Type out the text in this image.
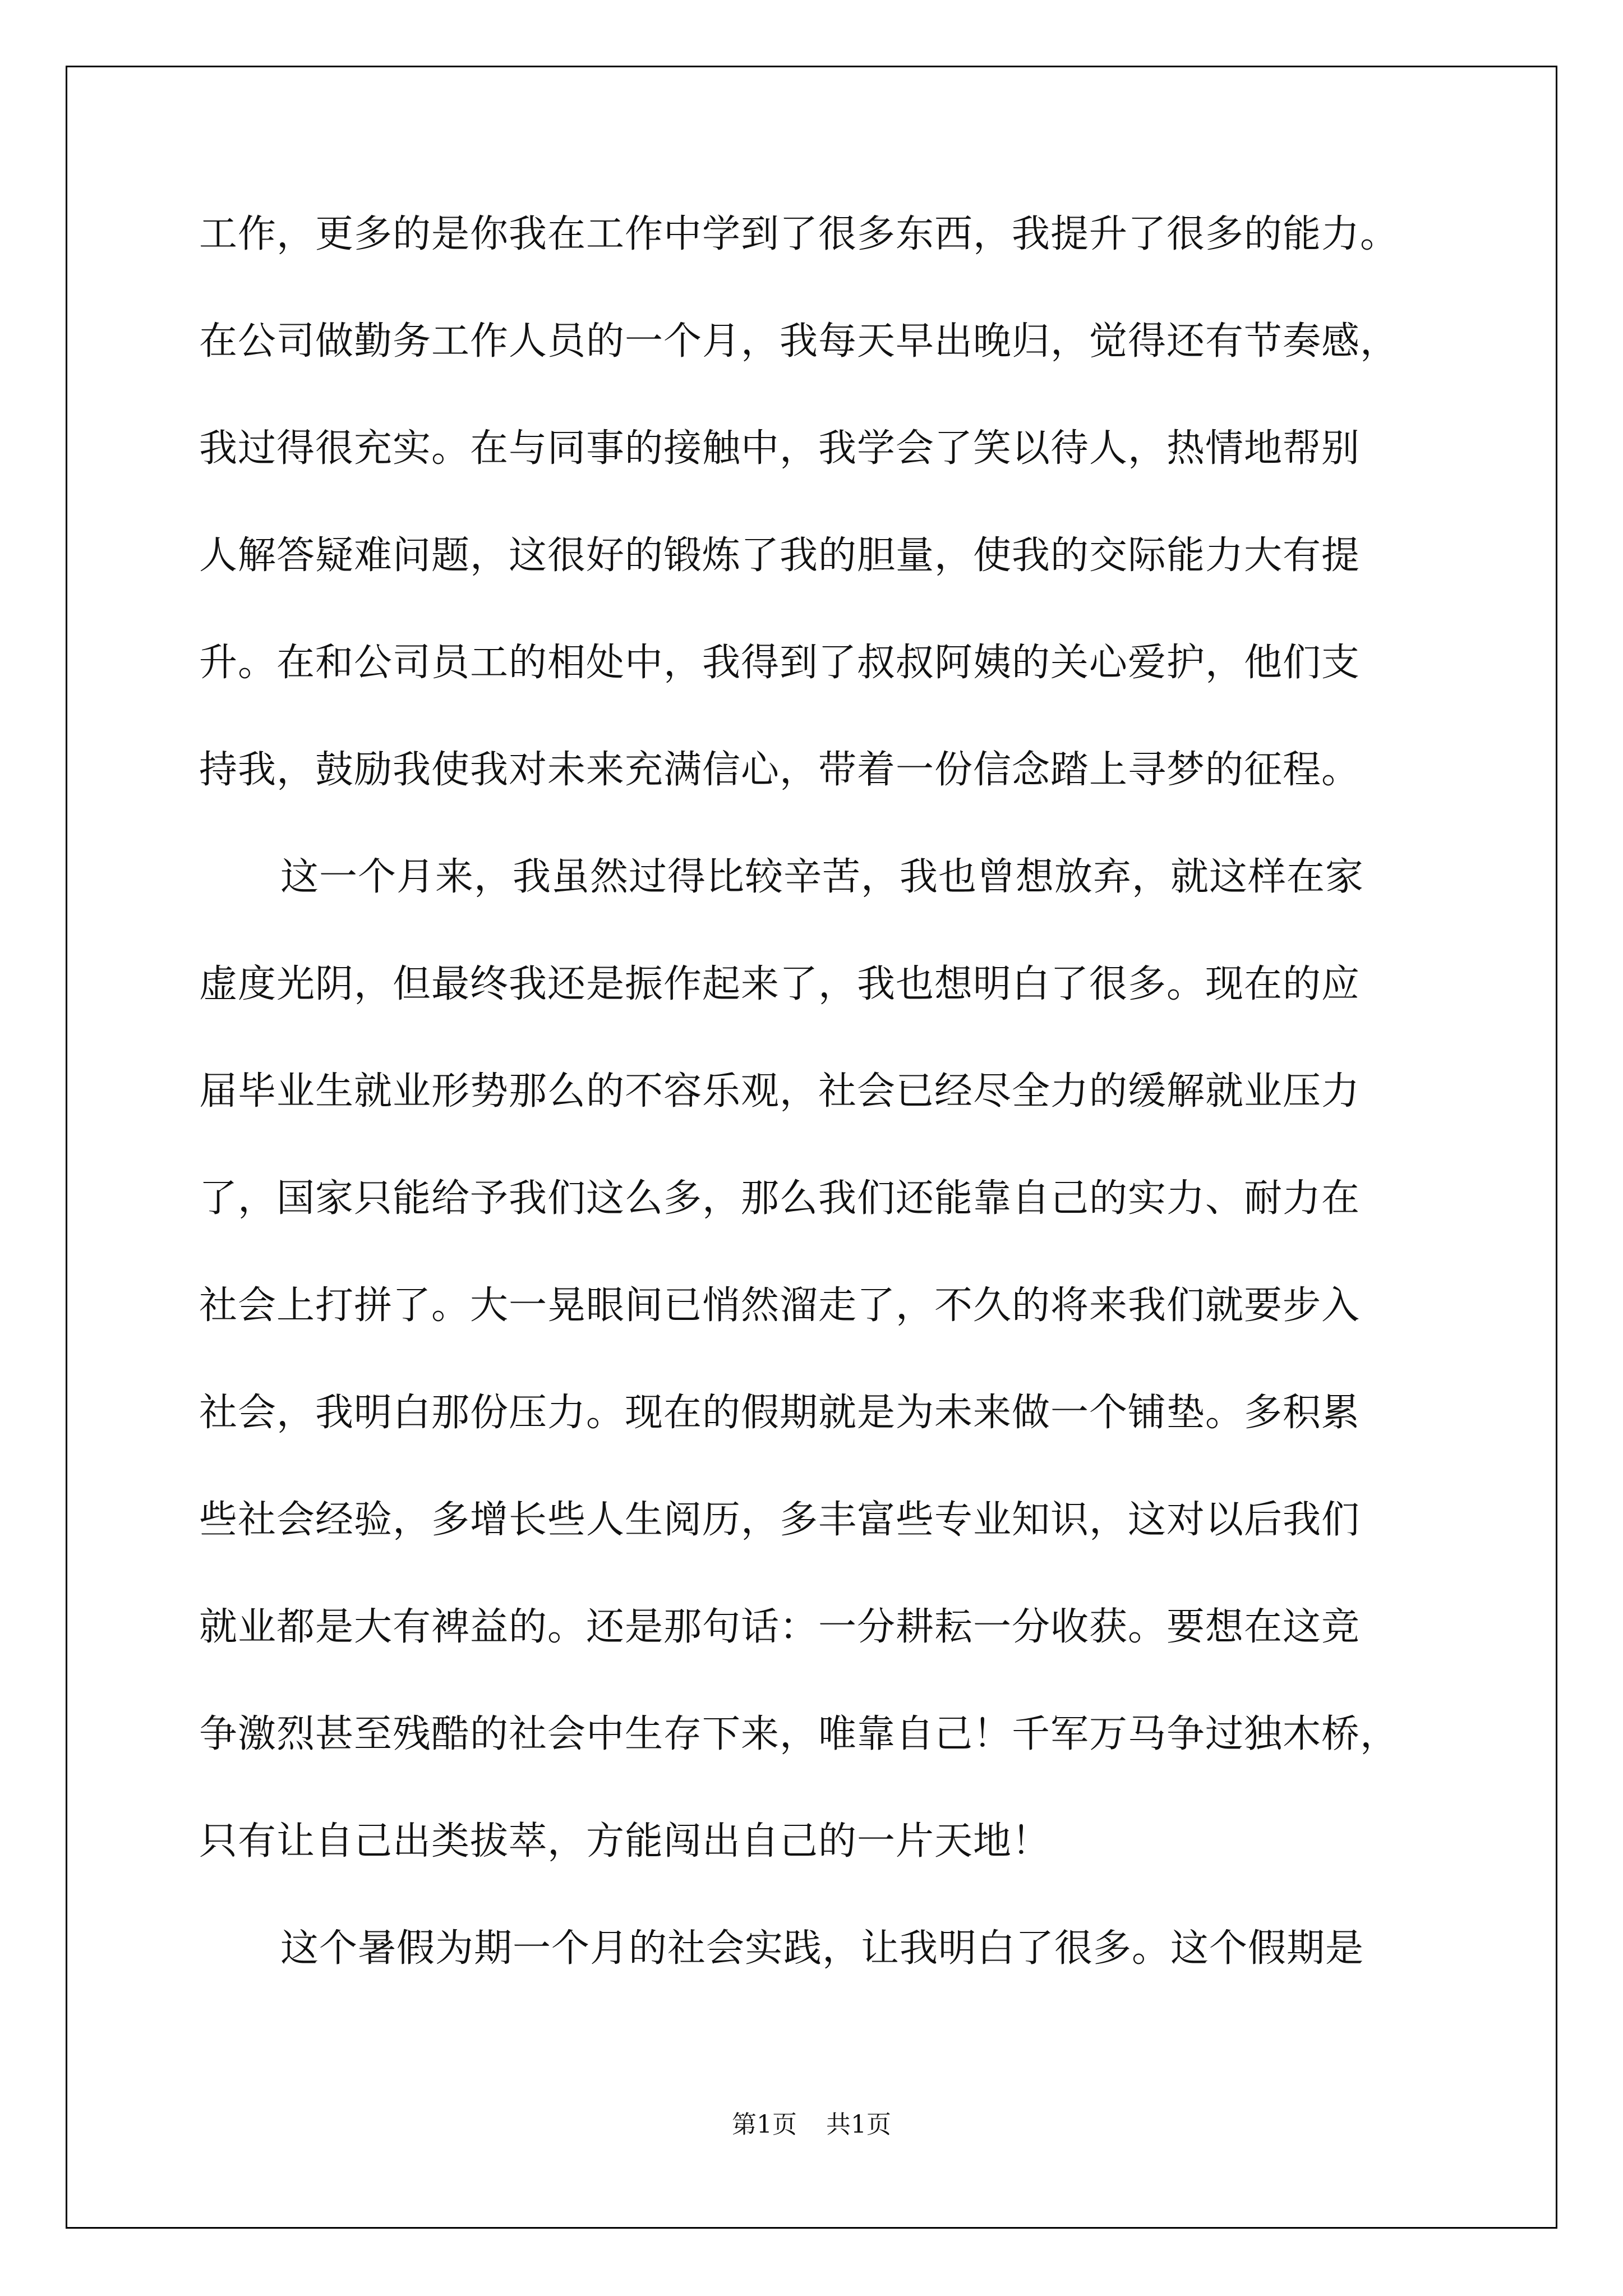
工作，更多的是你我在工作中学到了很多东西，我提升了很多的能力。

在公司做勤务工作人员的一个月，我每天早出晚归，觉得还有节奏感，

我过得很充实。在与同事的接触中，我学会了笑以待人，热情地帮别

人解答疑难问题，这很好的锻炼了我的胆量，使我的交际能力大有提

升。在和公司员工的相处中，我得到了叔叔阿姨的关心爱护，他们支

持我，鼓励我使我对未来充满信心，带着一份信念踏上寻梦的征程。

这一个月来，我虽然过得比较辛苦，我也曾想放弃，就这样在家

虚度光阴，但最终我还是振作起来了，我也想明白了很多。现在的应

届毕业生就业形势那么的不容乐观，社会已经尽全力的缓解就业压力

了，国家只能给予我们这么多，那么我们还能靠自己的实力、耐力在

社会上打拼了。大一晃眼间已悄然溜走了，不久的将来我们就要步入

社会，我明白那份压力。现在的假期就是为未来做一个铺垫。多积累

些社会经验，多增长些人生阅历，多丰富些专业知识，这对以后我们

就业都是大有裨益的。还是那句话：一分耕耘一分收获。要想在这竞

争激烈甚至残酷的社会中生存下来，唯靠自己！千军万马争过独木桥，

只有让自己出类拔萃，方能闯出自己的一片天地！

这个暑假为期一个月的社会实践，让我明白了很多。这个假期是

第1页 共1页
